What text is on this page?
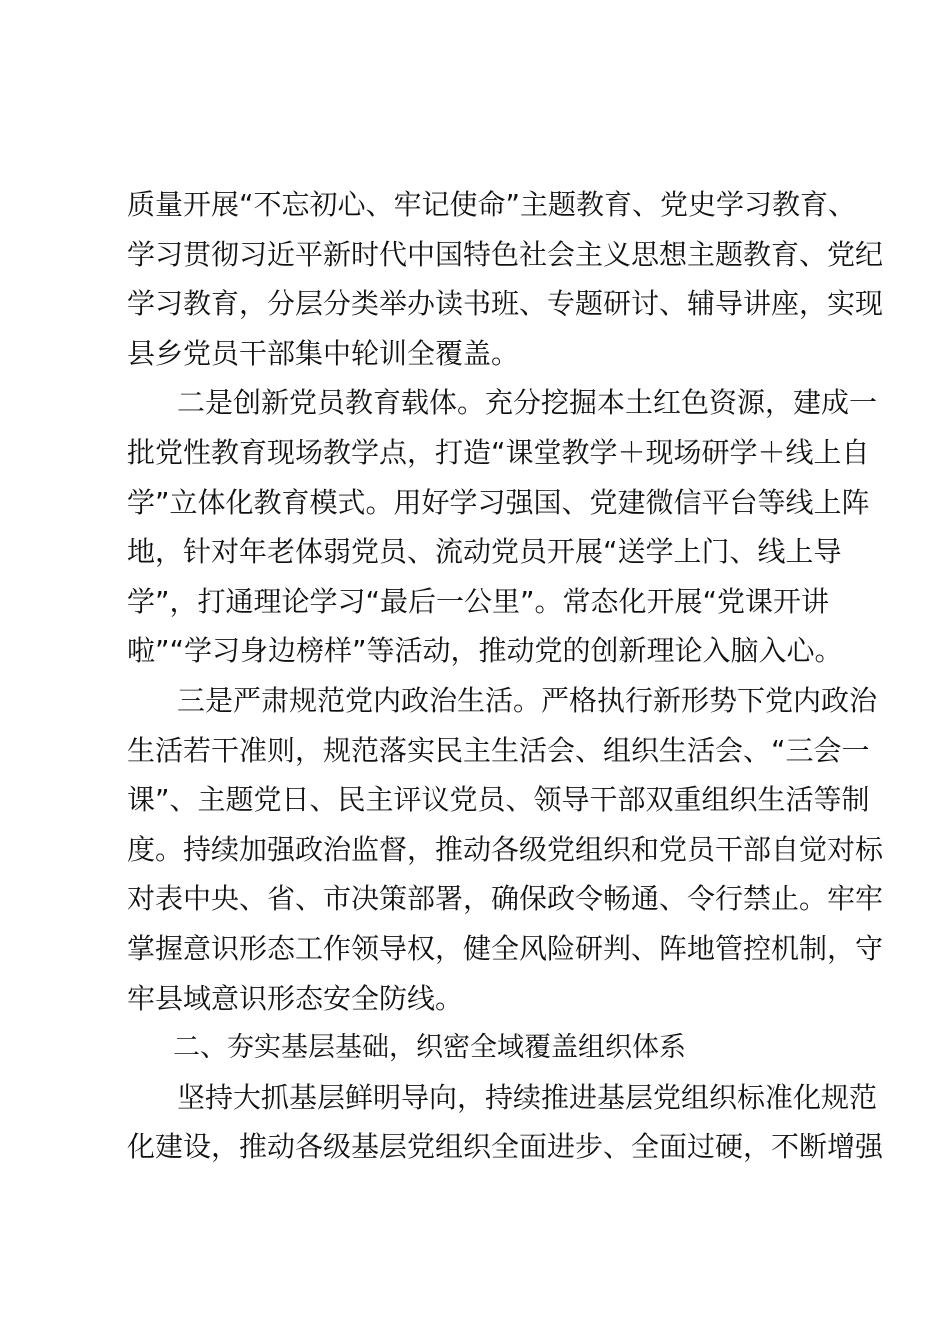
质量开展“不忘初心、牢记使命”主题教育、党史学习教育、
学习贯彻习近平新时代中国特色社会主义思想主题教育、党纪
学习教育，分层分类举办读书班、专题研讨、辅导讲座，实现
县乡党员干部集中轮训全覆盖。
二是创新党员教育载体。充分挖掘本土红色资源，建成一
批党性教育现场教学点，打造“课堂教学＋现场研学＋线上自
学”立体化教育模式。用好学习强国、党建微信平台等线上阵
地，针对年老体弱党员、流动党员开展“送学上门、线上导
学”，打通理论学习“最后一公里”。常态化开展“党课开讲
啦”“学习身边榜样”等活动，推动党的创新理论入脑入心。
三是严肃规范党内政治生活。严格执行新形势下党内政治
生活若干准则，规范落实民主生活会、组织生活会、“三会一
课”、主题党日、民主评议党员、领导干部双重组织生活等制
度。持续加强政治监督，推动各级党组织和党员干部自觉对标
对表中央、省、市决策部署，确保政令畅通、令行禁止。牢牢
掌握意识形态工作领导权，健全风险研判、阵地管控机制，守
牢县域意识形态安全防线。
二、夯实基层基础，织密全域覆盖组织体系
坚持大抓基层鲜明导向，持续推进基层党组织标准化规范
化建设，推动各级基层党组织全面进步、全面过硬，不断增强
